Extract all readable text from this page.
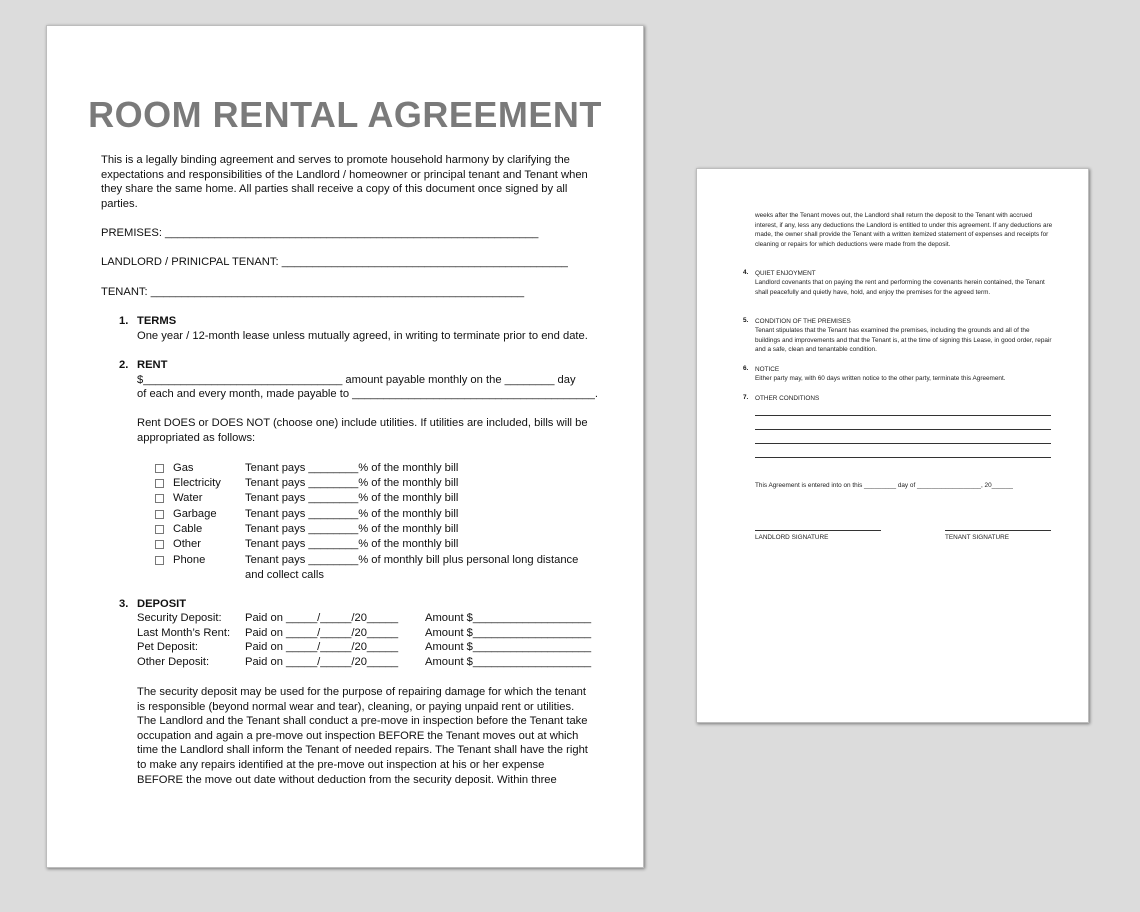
ROOM RENTAL AGREEMENT
This is a legally binding agreement and serves to promote household harmony by clarifying the expectations and responsibilities of the Landlord / homeowner or principal tenant and Tenant when they share the same home. All parties shall receive a copy of this document once signed by all parties.
PREMISES: ____________________________________________________________
LANDLORD / PRINICPAL TENANT: ______________________________________________
TENANT: ____________________________________________________________
1. TERMS
One year / 12-month lease unless mutually agreed, in writing to terminate prior to end date.
2. RENT
$________________________________ amount payable monthly on the ________ day
of each and every month, made payable to _______________________________________.
Rent DOES or DOES NOT (choose one) include utilities. If utilities are included, bills will be
appropriated as follows:
Gas	Tenant pays ________% of the monthly bill
Electricity Tenant pays ________% of the monthly bill
Water	Tenant pays ________% of the monthly bill
Garbage	Tenant pays ________% of the monthly bill
Cable	Tenant pays ________% of the monthly bill
Other	Tenant pays ________% of the monthly bill
Phone	Tenant pays ________% of monthly bill plus personal long distance
and collect calls
3. DEPOSIT
Security Deposit: Paid on _____/_____/20_____ Amount $___________________
Last Month’s Rent: Paid on _____/_____/20_____ Amount $___________________
Pet Deposit:	Paid on _____/_____/20_____ Amount $___________________
Other Deposit:	Paid on _____/_____/20_____ Amount $___________________
The security deposit may be used for the purpose of repairing damage for which the tenant is responsible (beyond normal wear and tear), cleaning, or paying unpaid rent or utilities. The Landlord and the Tenant shall conduct a pre-move in inspection before the Tenant take occupation and again a pre-move out inspection BEFORE the Tenant moves out at which time the Landlord shall inform the Tenant of needed repairs. The Tenant shall have the right to make any repairs identified at the pre-move out inspection at his or her expense BEFORE the move out date without deduction from the security deposit. Within three
weeks after the Tenant moves out, the Landlord shall return the deposit to the Tenant with accrued interest, if any, less any deductions the Landlord is entitled to under this agreement. If any deductions are made, the owner shall provide the Tenant with a written itemized statement of expenses and receipts for cleaning or repairs for which deductions were made from the deposit.
4. QUIET ENJOYMENT
Landlord covenants that on paying the rent and performing the covenants herein contained, the Tenant shall peacefully and quietly have, hold, and enjoy the premises for the agreed term.
5. CONDITION OF THE PREMISES
Tenant stipulates that the Tenant has examined the premises, including the grounds and all of the buildings and improvements and that the Tenant is, at the time of signing this Lease, in good order, repair and a safe, clean and tenantable condition.
6. NOTICE
Either party may, with 60 days written notice to the other party, terminate this Agreement.
7. OTHER CONDITIONS
This Agreement is entered into on this _________ day of __________________, 20______
LANDLORD SIGNATURE	TENANT SIGNATURE
